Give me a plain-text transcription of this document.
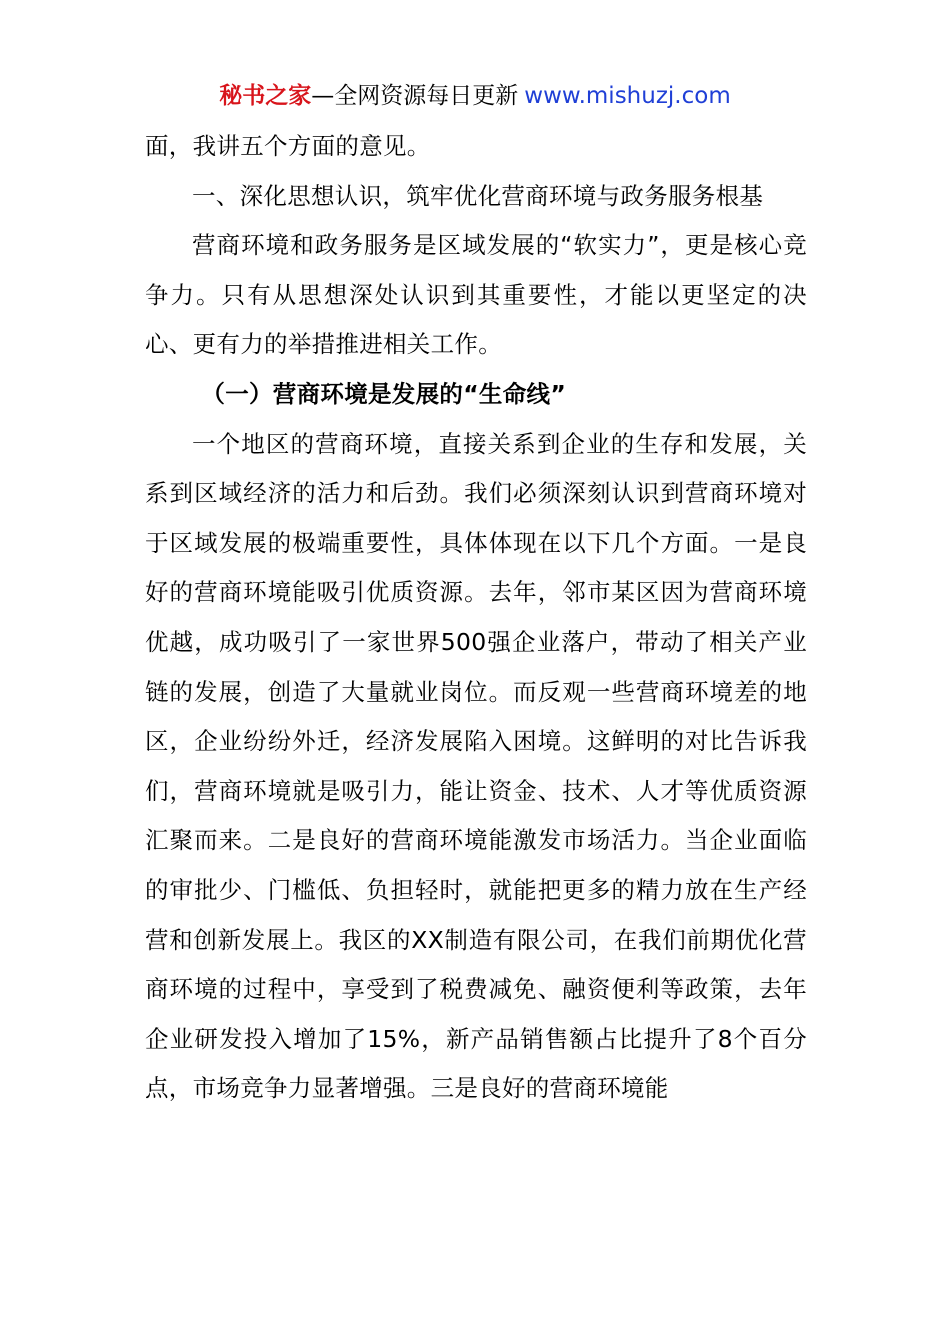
秘书之家—全网资源每日更新 www.mishuzj.com

面，我讲五个方面的意见。

一、深化思想认识，筑牢优化营商环境与政务服务根基

营商环境和政务服务是区域发展的“软实力”，更是核心竞争力。只有从思想深处认识到其重要性，才能以更坚定的决心、更有力的举措推进相关工作。

（一）营商环境是发展的“生命线”

一个地区的营商环境，直接关系到企业的生存和发展，关系到区域经济的活力和后劲。我们必须深刻认识到营商环境对于区域发展的极端重要性，具体体现在以下几个方面。一是良好的营商环境能吸引优质资源。去年，邻市某区因为营商环境优越，成功吸引了一家世界500强企业落户，带动了相关产业链的发展，创造了大量就业岗位。而反观一些营商环境差的地区，企业纷纷外迁，经济发展陷入困境。这鲜明的对比告诉我们，营商环境就是吸引力，能让资金、技术、人才等优质资源汇聚而来。二是良好的营商环境能激发市场活力。当企业面临的审批少、门槛低、负担轻时，就能把更多的精力放在生产经营和创新发展上。我区的XX制造有限公司，在我们前期优化营商环境的过程中，享受到了税费减免、融资便利等政策，去年企业研发投入增加了15%，新产品销售额占比提升了8个百分点，市场竞争力显著增强。三是良好的营商环境能
